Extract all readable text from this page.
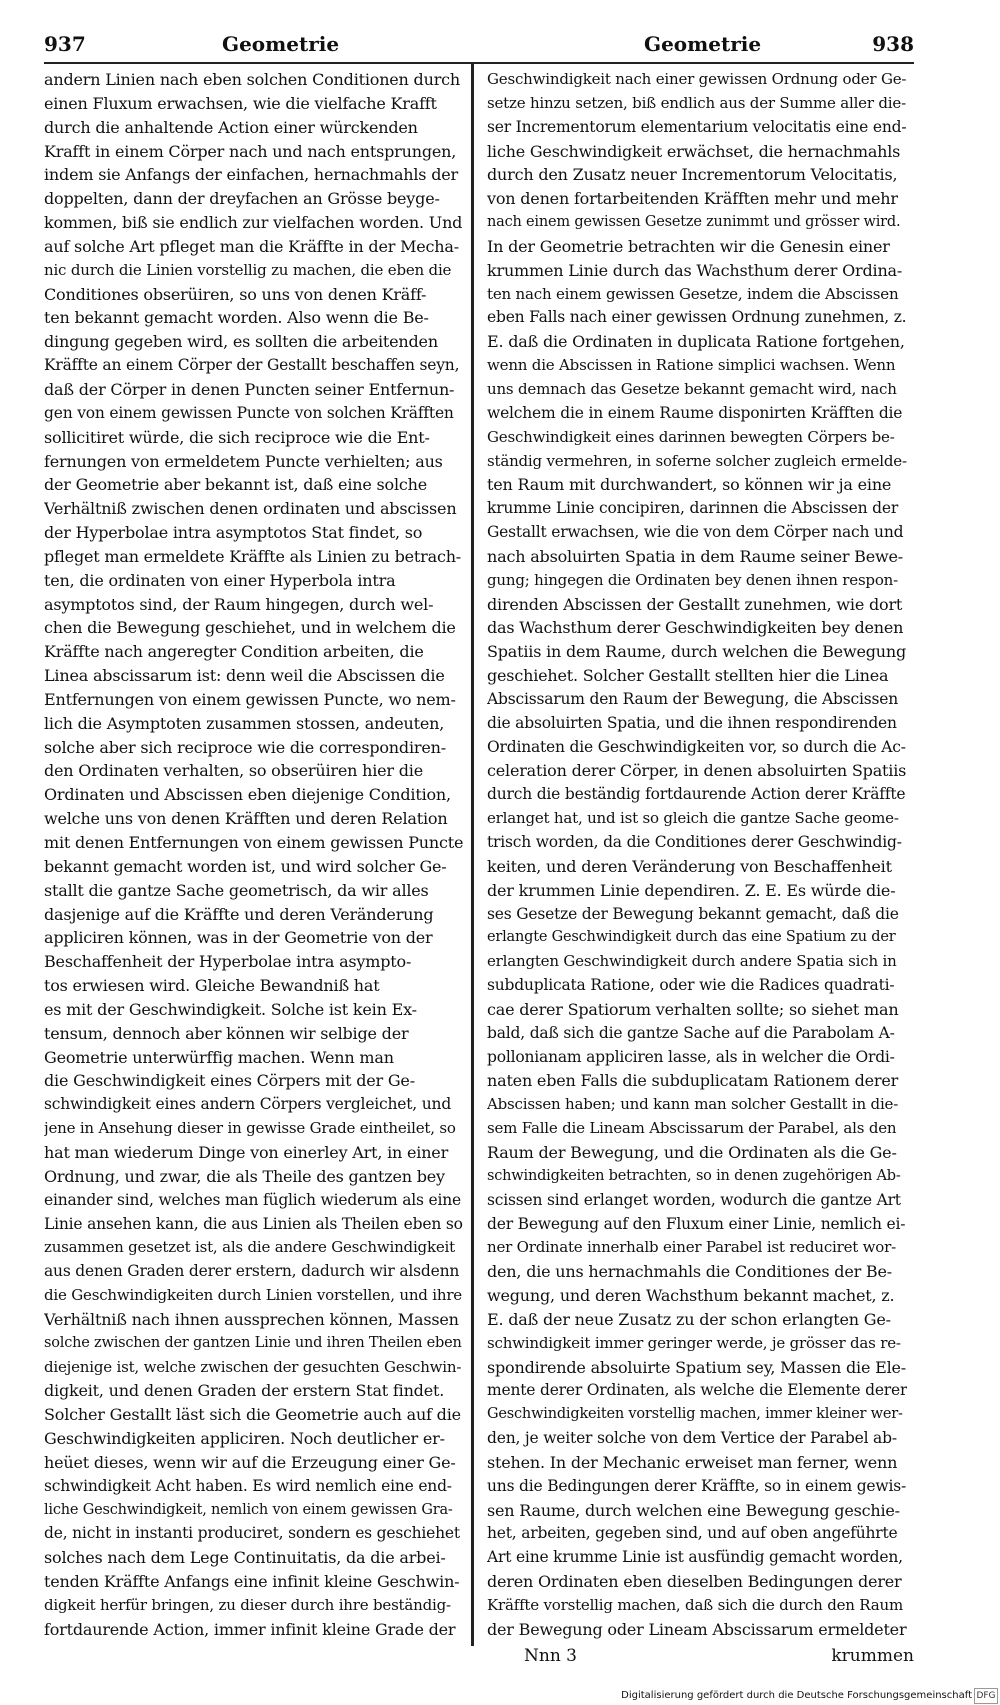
937	Geometrie	Geometrie	938
andern Linien nach eben solchen Conditionen durch
einen Fluxum erwachsen, wie die vielfache Krafft
durch die anhaltende Action einer würckenden
Krafft in einem Cörper nach und nach entsprungen,
indem sie Anfangs der einfachen, hernachmahls der
doppelten, dann der dreyfachen an Grösse beyge-
kommen, biß sie endlich zur vielfachen worden. Und
auf solche Art pfleget man die Kräffte in der Mecha-
nic durch die Linien vorstellig zu machen, die eben die
Conditiones obserüiren, so uns von denen Kräff-
ten bekannt gemacht worden. Also wenn die Be-
dingung gegeben wird, es sollten die arbeitenden
Kräffte an einem Cörper der Gestallt beschaffen seyn,
daß der Cörper in denen Puncten seiner Entfernun-
gen von einem gewissen Puncte von solchen Kräfften
sollicitiret würde, die sich reciproce wie die Ent-
fernungen von ermeldetem Puncte verhielten; aus
der Geometrie aber bekannt ist, daß eine solche
Verhältniß zwischen denen ordinaten und abscissen
der Hyperbolae intra asymptotos Stat findet, so
pfleget man ermeldete Kräffte als Linien zu betrach-
ten, die ordinaten von einer Hyperbola intra
asymptotos sind, der Raum hingegen, durch wel-
chen die Bewegung geschiehet, und in welchem die
Kräffte nach angeregter Condition arbeiten, die
Linea abscissarum ist: denn weil die Abscissen die
Entfernungen von einem gewissen Puncte, wo nem-
lich die Asymptoten zusammen stossen, andeuten,
solche aber sich reciproce wie die correspondiren-
den Ordinaten verhalten, so obserüiren hier die
Ordinaten und Abscissen eben diejenige Condition,
welche uns von denen Kräfften und deren Relation
mit denen Entfernungen von einem gewissen Puncte
bekannt gemacht worden ist, und wird solcher Ge-
stallt die gantze Sache geometrisch, da wir alles
dasjenige auf die Kräffte und deren Veränderung
appliciren können, was in der Geometrie von der
Beschaffenheit der Hyperbolae intra asympto-
tos erwiesen wird. Gleiche Bewandniß hat
es mit der Geschwindigkeit. Solche ist kein Ex-
tensum, dennoch aber können wir selbige der
Geometrie unterwürffig machen. Wenn man
die Geschwindigkeit eines Cörpers mit der Ge-
schwindigkeit eines andern Cörpers vergleichet, und
jene in Ansehung dieser in gewisse Grade eintheilet, so
hat man wiederum Dinge von einerley Art, in einer
Ordnung, und zwar, die als Theile des gantzen bey
einander sind, welches man füglich wiederum als eine
Linie ansehen kann, die aus Linien als Theilen eben so
zusammen gesetzet ist, als die andere Geschwindigkeit
aus denen Graden derer erstern, dadurch wir alsdenn
die Geschwindigkeiten durch Linien vorstellen, und ihre
Verhältniß nach ihnen aussprechen können, Massen
solche zwischen der gantzen Linie und ihren Theilen eben
diejenige ist, welche zwischen der gesuchten Geschwin-
digkeit, und denen Graden der erstern Stat findet.
Solcher Gestallt läst sich die Geometrie auch auf die
Geschwindigkeiten appliciren. Noch deutlicher er-
heüet dieses, wenn wir auf die Erzeugung einer Ge-
schwindigkeit Acht haben. Es wird nemlich eine end-
liche Geschwindigkeit, nemlich von einem gewissen Gra-
de, nicht in instanti produciret, sondern es geschiehet
solches nach dem Lege Continuitatis, da die arbei-
tenden Kräffte Anfangs eine infinit kleine Geschwin-
digkeit herfür bringen, zu dieser durch ihre beständig-
fortdaurende Action, immer infinit kleine Grade der
Geschwindigkeit nach einer gewissen Ordnung oder Ge-
setze hinzu setzen, biß endlich aus der Summe aller die-
ser Incrementorum elementarium velocitatis eine end-
liche Geschwindigkeit erwächset, die hernachmahls
durch den Zusatz neuer Incrementorum Velocitatis,
von denen fortarbeitenden Kräfften mehr und mehr
nach einem gewissen Gesetze zunimmt und grösser wird.
In der Geometrie betrachten wir die Genesin einer
krummen Linie durch das Wachsthum derer Ordina-
ten nach einem gewissen Gesetze, indem die Abscissen
eben Falls nach einer gewissen Ordnung zunehmen, z.
E. daß die Ordinaten in duplicata Ratione fortgehen,
wenn die Abscissen in Ratione simplici wachsen. Wenn
uns demnach das Gesetze bekannt gemacht wird, nach
welchem die in einem Raume disponirten Kräfften die
Geschwindigkeit eines darinnen bewegten Cörpers be-
ständig vermehren, in soferne solcher zugleich ermelde-
ten Raum mit durchwandert, so können wir ja eine
krumme Linie concipiren, darinnen die Abscissen der
Gestallt erwachsen, wie die von dem Cörper nach und
nach absoluirten Spatia in dem Raume seiner Bewe-
gung; hingegen die Ordinaten bey denen ihnen respon-
direnden Abscissen der Gestallt zunehmen, wie dort
das Wachsthum derer Geschwindigkeiten bey denen
Spatiis in dem Raume, durch welchen die Bewegung
geschiehet. Solcher Gestallt stellten hier die Linea
Abscissarum den Raum der Bewegung, die Abscissen
die absoluirten Spatia, und die ihnen respondirenden
Ordinaten die Geschwindigkeiten vor, so durch die Ac-
celeration derer Cörper, in denen absoluirten Spatiis
durch die beständig fortdaurende Action derer Kräffte
erlanget hat, und ist so gleich die gantze Sache geome-
trisch worden, da die Conditiones derer Geschwindig-
keiten, und deren Veränderung von Beschaffenheit
der krummen Linie dependiren. Z. E. Es würde die-
ses Gesetze der Bewegung bekannt gemacht, daß die
erlangte Geschwindigkeit durch das eine Spatium zu der
erlangten Geschwindigkeit durch andere Spatia sich in
subduplicata Ratione, oder wie die Radices quadrati-
cae derer Spatiorum verhalten sollte; so siehet man
bald, daß sich die gantze Sache auf die Parabolam A-
pollonianam appliciren lasse, als in welcher die Ordi-
naten eben Falls die subduplicatam Rationem derer
Abscissen haben; und kann man solcher Gestallt in die-
sem Falle die Lineam Abscissarum der Parabel, als den
Raum der Bewegung, und die Ordinaten als die Ge-
schwindigkeiten betrachten, so in denen zugehörigen Ab-
scissen sind erlanget worden, wodurch die gantze Art
der Bewegung auf den Fluxum einer Linie, nemlich ei-
ner Ordinate innerhalb einer Parabel ist reduciret wor-
den, die uns hernachmahls die Conditiones der Be-
wegung, und deren Wachsthum bekannt machet, z.
E. daß der neue Zusatz zu der schon erlangten Ge-
schwindigkeit immer geringer werde, je grösser das re-
spondirende absoluirte Spatium sey, Massen die Ele-
mente derer Ordinaten, als welche die Elemente derer
Geschwindigkeiten vorstellig machen, immer kleiner wer-
den, je weiter solche von dem Vertice der Parabel ab-
stehen. In der Mechanic erweiset man ferner, wenn
uns die Bedingungen derer Kräffte, so in einem gewis-
sen Raume, durch welchen eine Bewegung geschie-
het, arbeiten, gegeben sind, und auf oben angeführte
Art eine krumme Linie ist ausfündig gemacht worden,
deren Ordinaten eben dieselben Bedingungen derer
Kräffte vorstellig machen, daß sich die durch den Raum
der Bewegung oder Lineam Abscissarum ermeldeter
Nnn 3	krummen
Digitalisierung gefördert durch die Deutsche Forschungsgemeinschaft DFG
